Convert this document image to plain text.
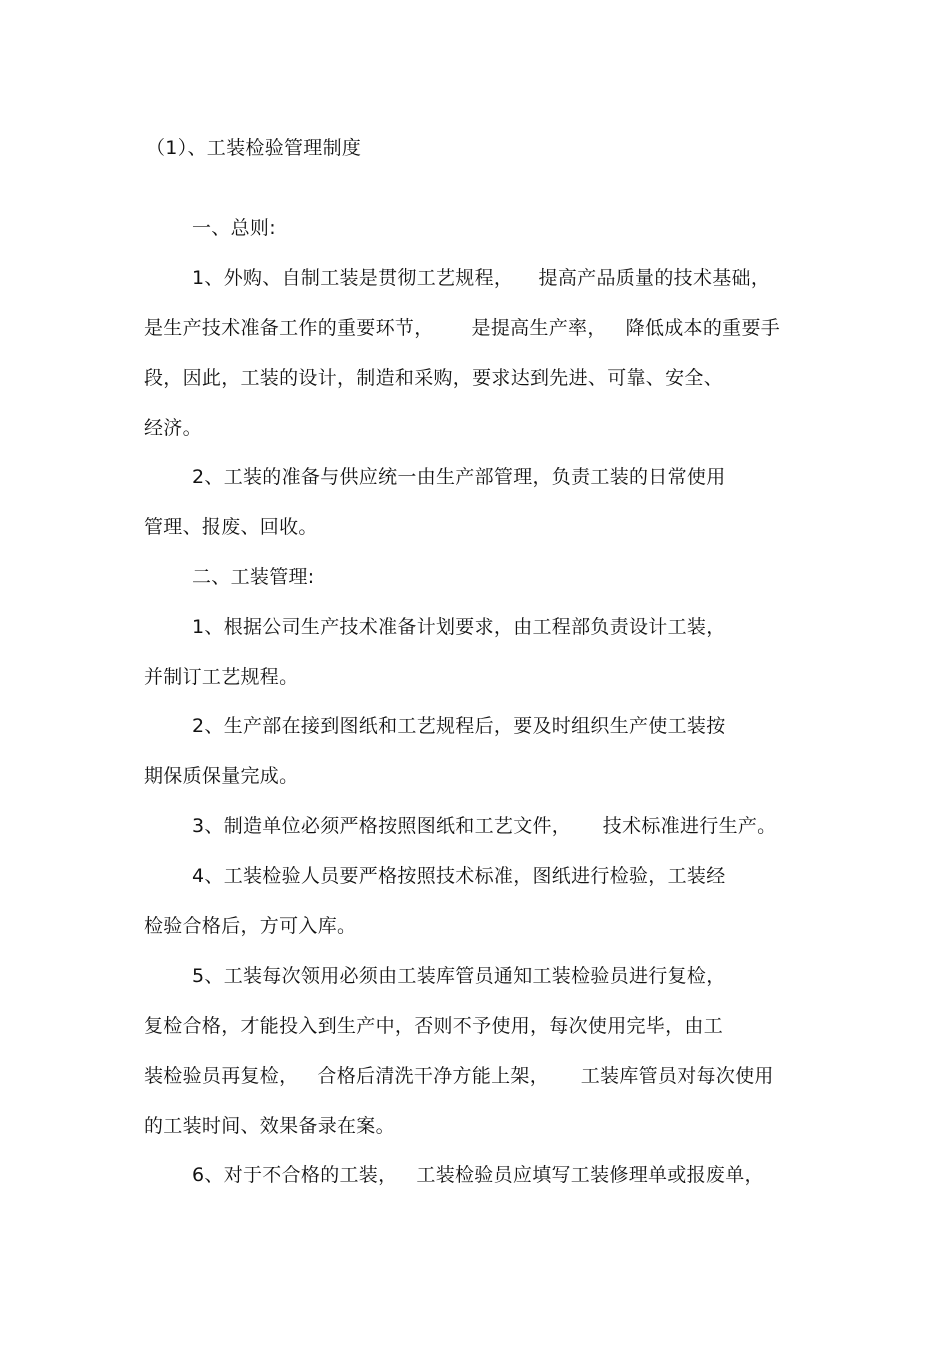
（1）、工装检验管理制度
一、总则:
1、外购、自制工装是贯彻工艺规程，    提高产品质量的技术基础，
是生产技术准备工作的重要环节，      是提高生产率，   降低成本的重要手
段，因此，工装的设计，制造和采购，要求达到先进、可靠、安全、
经济。
2、工装的准备与供应统一由生产部管理，负责工装的日常使用
管理、报废、回收。
二、工装管理:
1、根据公司生产技术准备计划要求，由工程部负责设计工装，
并制订工艺规程。
2、生产部在接到图纸和工艺规程后，要及时组织生产使工装按
期保质保量完成。
3、制造单位必须严格按照图纸和工艺文件，     技术标准进行生产。
4、工装检验人员要严格按照技术标准，图纸进行检验，工装经
检验合格后，方可入库。
5、工装每次领用必须由工装库管员通知工装检验员进行复检，
复检合格，才能投入到生产中，否则不予使用，每次使用完毕，由工
装检验员再复检，   合格后清洗干净方能上架，     工装库管员对每次使用
的工装时间、效果备录在案。
6、对于不合格的工装，   工装检验员应填写工装修理单或报废单，
